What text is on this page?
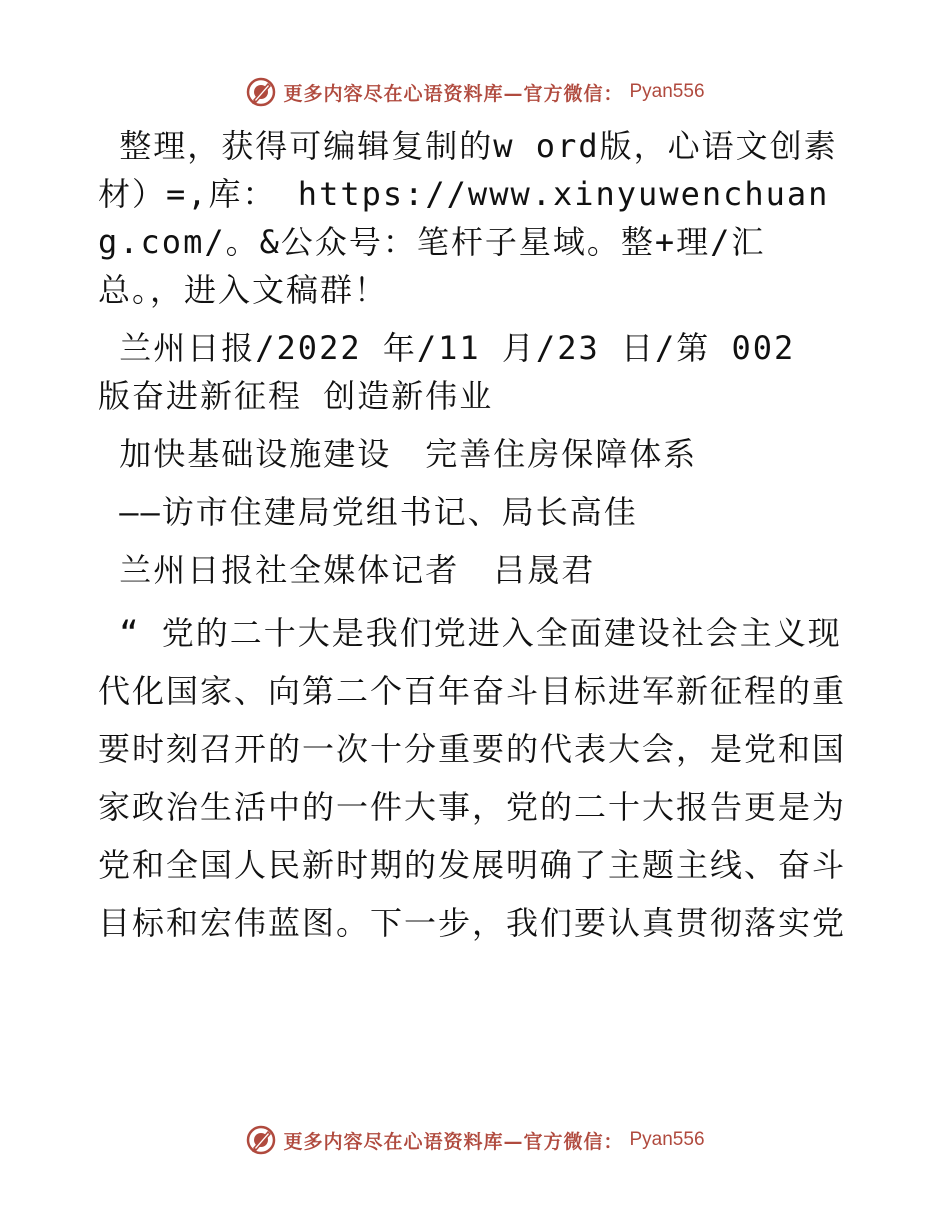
更多内容尽在心语资料库—官方微信： Pyan556

整理，获得可编辑复制的w ord版，心语文创素材）=,库： https://www.xinyuwenchuang.com/。&公众号：笔杆子星域。整+理/汇总。，进入文稿群！

兰州日报/2022 年/11 月/23 日/第 002 版奋进新征程 创造新伟业

加快基础设施建设　完善住房保障体系

——访市住建局党组书记、局长高佳

兰州日报社全媒体记者　吕晟君

“ 党的二十大是我们党进入全面建设社会主义现代化国家、向第二个百年奋斗目标进军新征程的重要时刻召开的一次十分重要的代表大会，是党和国家政治生活中的一件大事，党的二十大报告更是为党和全国人民新时期的发展明确了主题主线、奋斗目标和宏伟蓝图。下一步，我们要认真贯彻落实党

更多内容尽在心语资料库—官方微信： Pyan556
